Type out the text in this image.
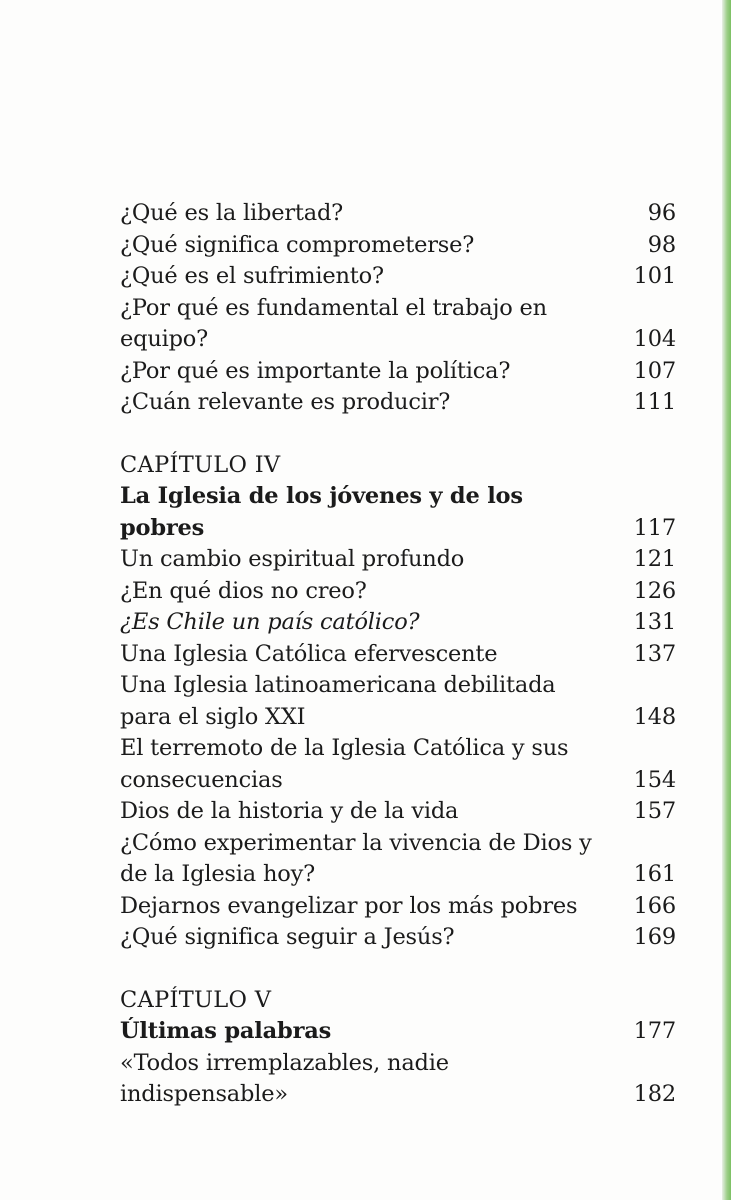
¿Qué es la libertad?	96
¿Qué significa comprometerse?	98
¿Qué es el sufrimiento?	101
¿Por qué es fundamental el trabajo en equipo?	104
¿Por qué es importante la política?	107
¿Cuán relevante es producir?	111
CAPÍTULO IV
La Iglesia de los jóvenes y de los pobres	117
Un cambio espiritual profundo	121
¿En qué dios no creo?	126
¿Es Chile un país católico?	131
Una Iglesia Católica efervescente	137
Una Iglesia latinoamericana debilitada para el siglo XXI	148
El terremoto de la Iglesia Católica y sus consecuencias	154
Dios de la historia y de la vida	157
¿Cómo experimentar la vivencia de Dios y de la Iglesia hoy?	161
Dejarnos evangelizar por los más pobres	166
¿Qué significa seguir a Jesús?	169
CAPÍTULO V
Últimas palabras	177
«Todos irremplazables, nadie indispensable»	182
